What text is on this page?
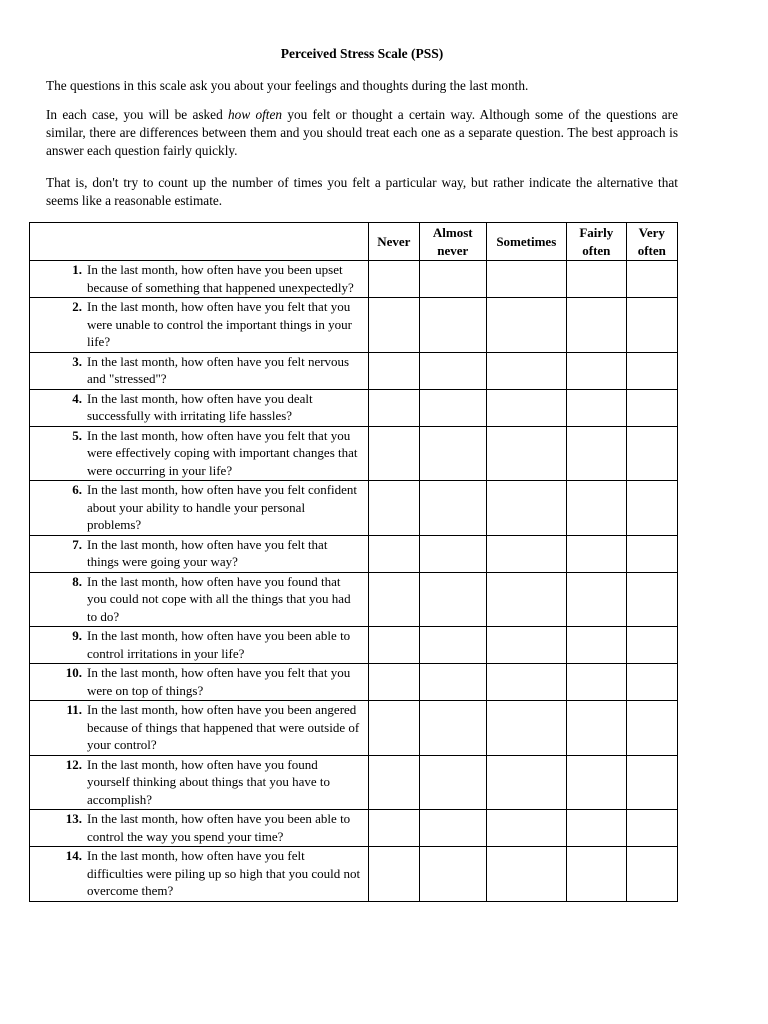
Perceived Stress Scale (PSS)
The questions in this scale ask you about your feelings and thoughts during the last month.
In each case, you will be asked how often you felt or thought a certain way. Although some of the questions are similar, there are differences between them and you should treat each one as a separate question. The best approach is answer each question fairly quickly.
That is, don't try to count up the number of times you felt a particular way, but rather indicate the alternative that seems like a reasonable estimate.
	Never	Almost never	Sometimes	Fairly often	Very often

1. In the last month, how often have you been upset because of something that happened unexpectedly?					

2. In the last month, how often have you felt that you were unable to control the important things in your life?					

3. In the last month, how often have you felt nervous and "stressed"?					

4. In the last month, how often have you dealt successfully with irritating life hassles?					

5. In the last month, how often have you felt that you were effectively coping with important changes that were occurring in your life?					

6. In the last month, how often have you felt confident about your ability to handle your personal problems?					

7. In the last month, how often have you felt that things were going your way?					

8. In the last month, how often have you found that you could not cope with all the things that you had to do?					

9. In the last month, how often have you been able to control irritations in your life?					

10. In the last month, how often have you felt that you were on top of things?					

11. In the last month, how often have you been angered because of things that happened that were outside of your control?					

12. In the last month, how often have you found yourself thinking about things that you have to accomplish?					

13. In the last month, how often have you been able to control the way you spend your time?					

14. In the last month, how often have you felt difficulties were piling up so high that you could not overcome them?					
